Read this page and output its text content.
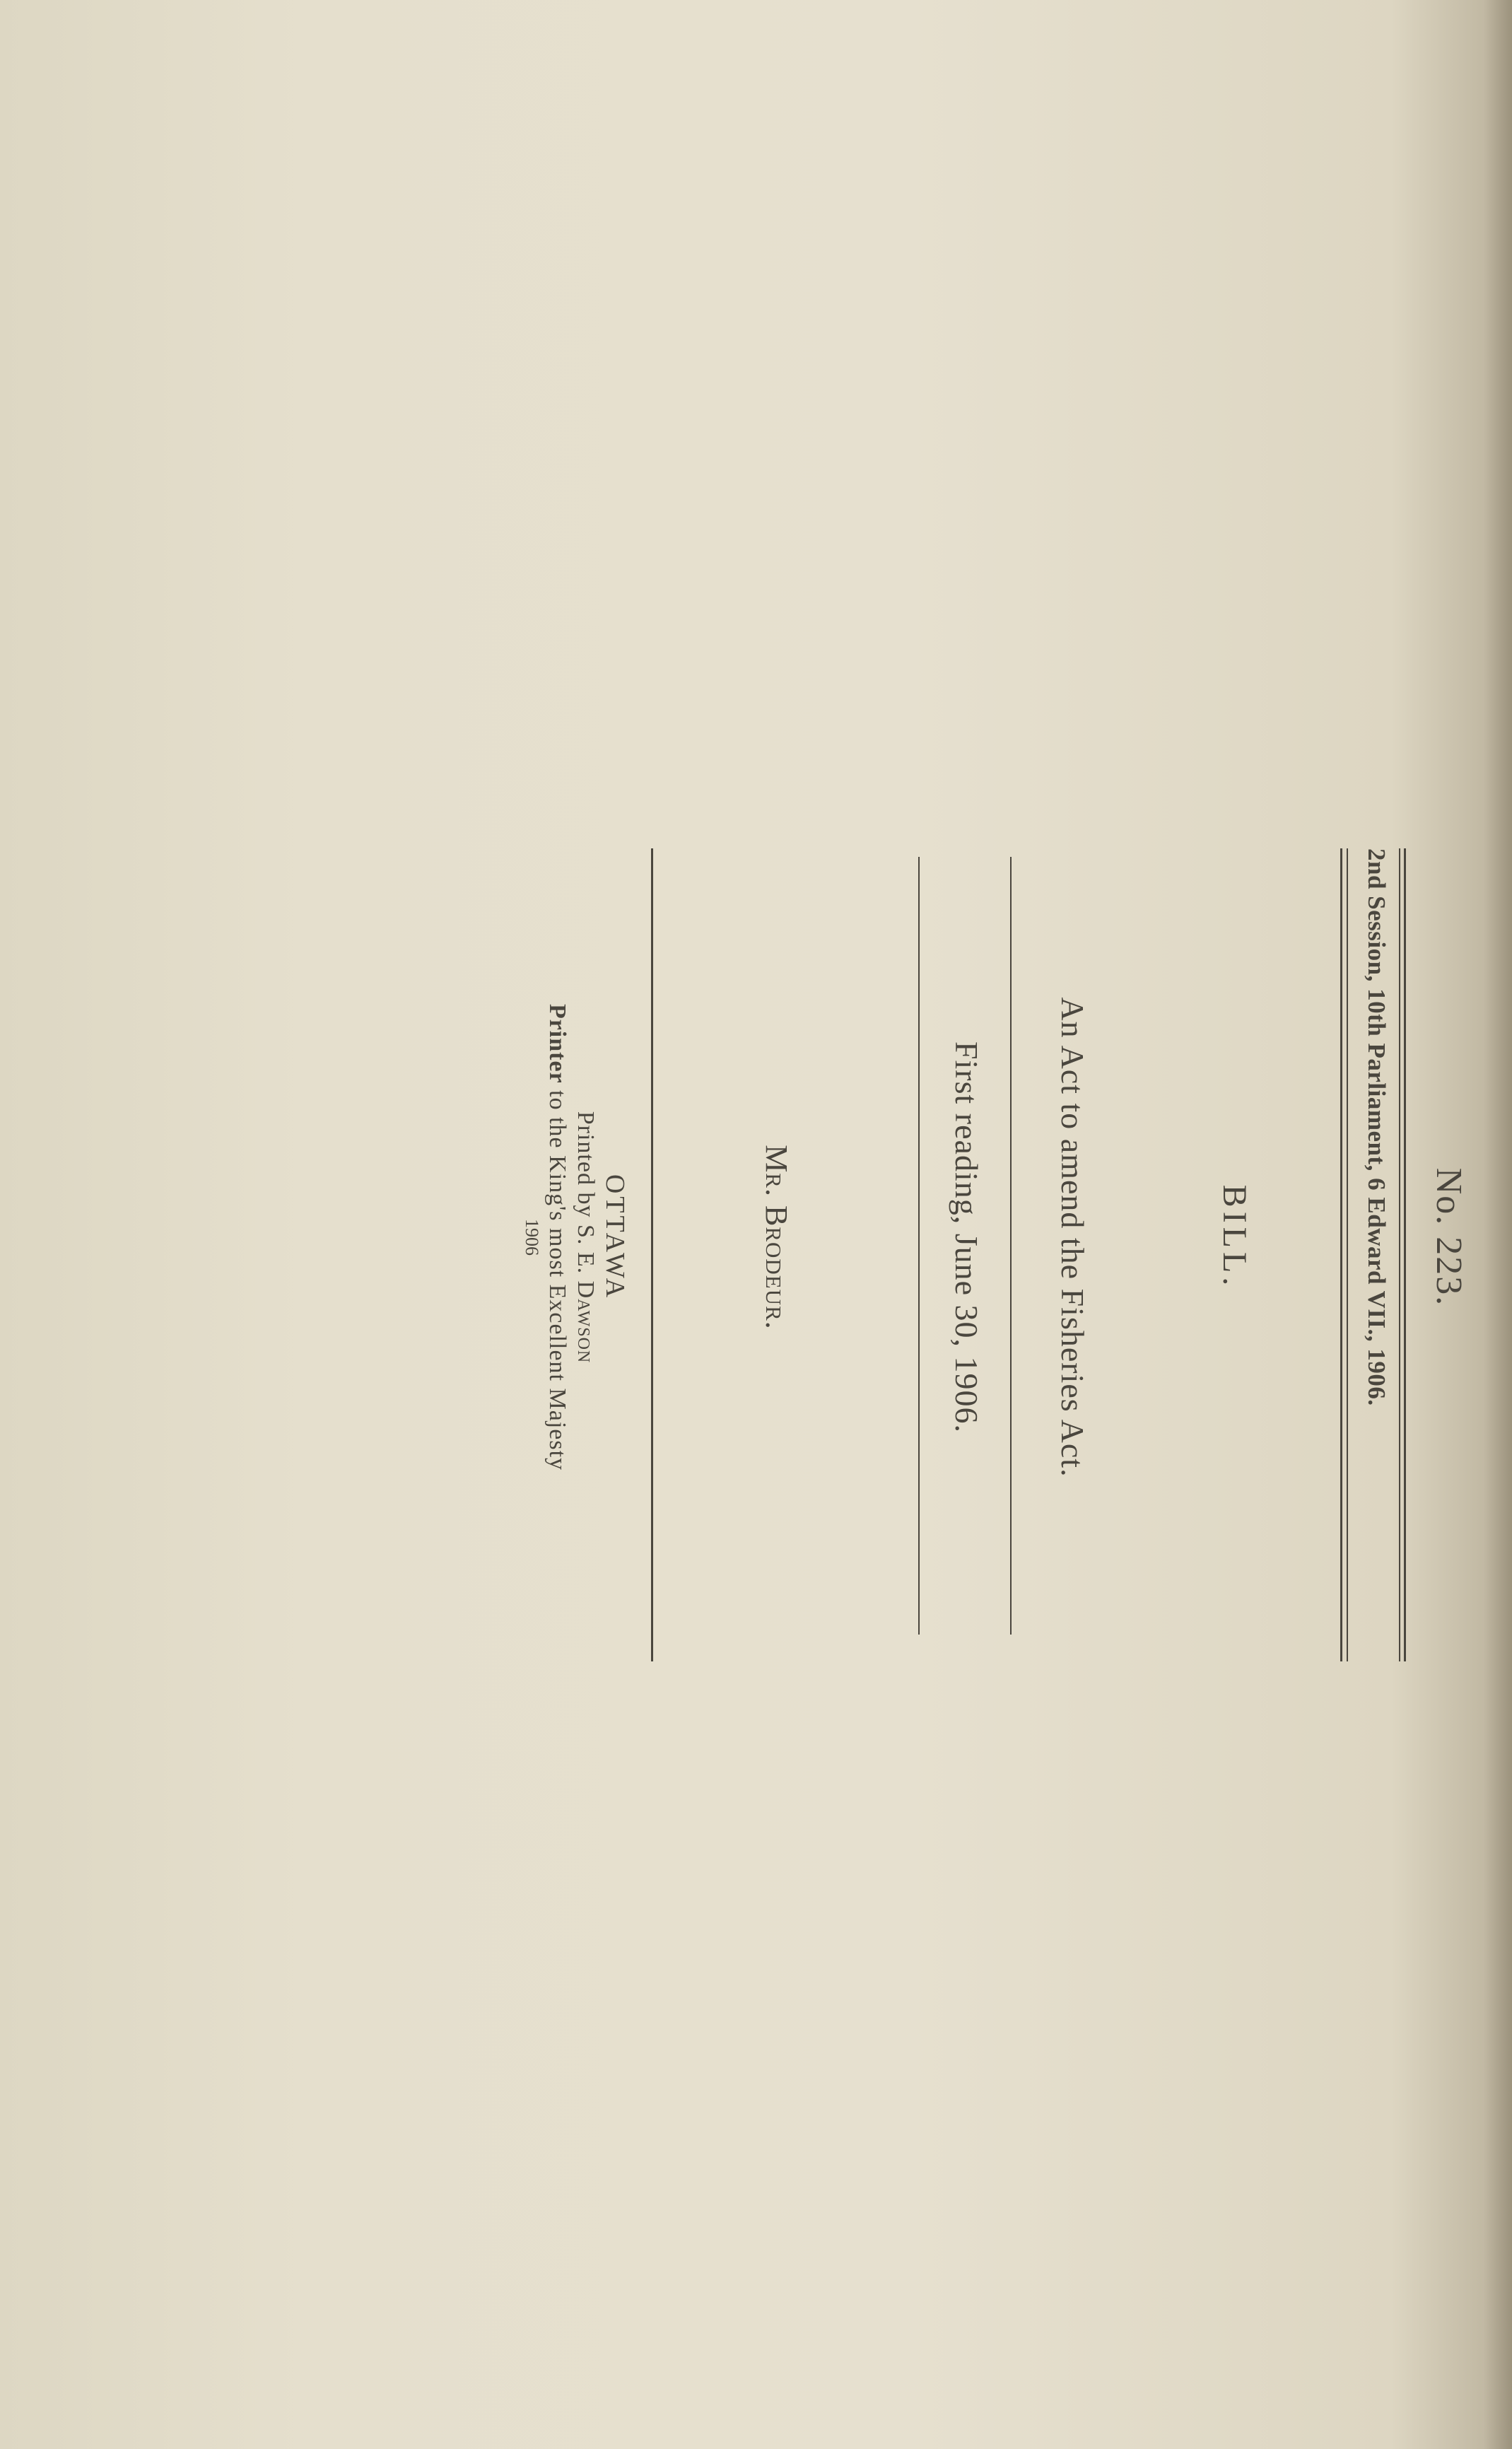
No. 223.
2nd Session, 10th Parliament, 6 Edward VII., 1906.
BILL.
An Act to amend the Fisheries Act.
First reading, June 30, 1906.
Mr. Brodeur.
OTTAWA
Printed by S. E. Dawson
Printer to the King's most Excellent Majesty
1906
